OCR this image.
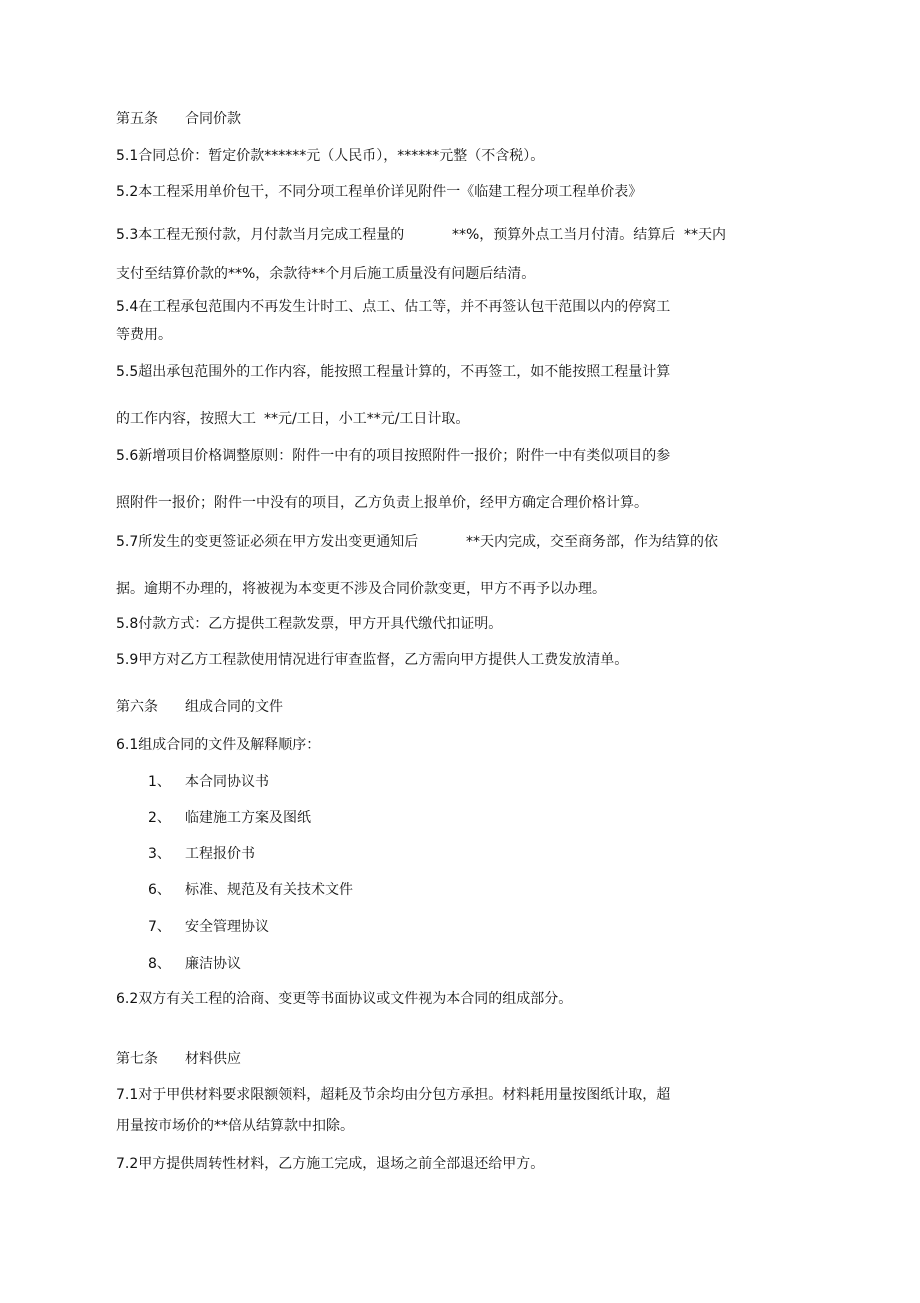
第五条 合同价款
5.1合同总价：暂定价款******元（人民币），******元整（不含税）。
5.2本工程采用单价包干，不同分项工程单价详见附件一《临建工程分项工程单价表》
5.3本工程无预付款，月付款当月完成工程量的	**%，预算外点工当月付清。结算后 **天内
支付至结算价款的**%，余款待**个月后施工质量没有问题后结清。
5.4在工程承包范围内不再发生计时工、点工、估工等，并不再签认包干范围以内的停窝工
等费用。
5.5超出承包范围外的工作内容，能按照工程量计算的，不再签工，如不能按照工程量计算
的工作内容，按照大工 **元/工日，小工**元/工日计取。
5.6新增项目价格调整原则：附件一中有的项目按照附件一报价；附件一中有类似项目的参
照附件一报价；附件一中没有的项目，乙方负责上报单价，经甲方确定合理价格计算。
5.7所发生的变更签证必须在甲方发出变更通知后	**天内完成，交至商务部，作为结算的依
据。逾期不办理的，将被视为本变更不涉及合同价款变更，甲方不再予以办理。
5.8付款方式：乙方提供工程款发票，甲方开具代缴代扣证明。
5.9甲方对乙方工程款使用情况进行审查监督，乙方需向甲方提供人工费发放清单。
第六条 组成合同的文件
6.1组成合同的文件及解释顺序：
1、 本合同协议书
2、 临建施工方案及图纸
3、 工程报价书
6、 标准、规范及有关技术文件
7、 安全管理协议
8、 廉洁协议
6.2双方有关工程的洽商、变更等书面协议或文件视为本合同的组成部分。
第七条 材料供应
7.1对于甲供材料要求限额领料，超耗及节余均由分包方承担。材料耗用量按图纸计取，超
用量按市场价的**倍从结算款中扣除。
7.2甲方提供周转性材料，乙方施工完成，退场之前全部退还给甲方。
